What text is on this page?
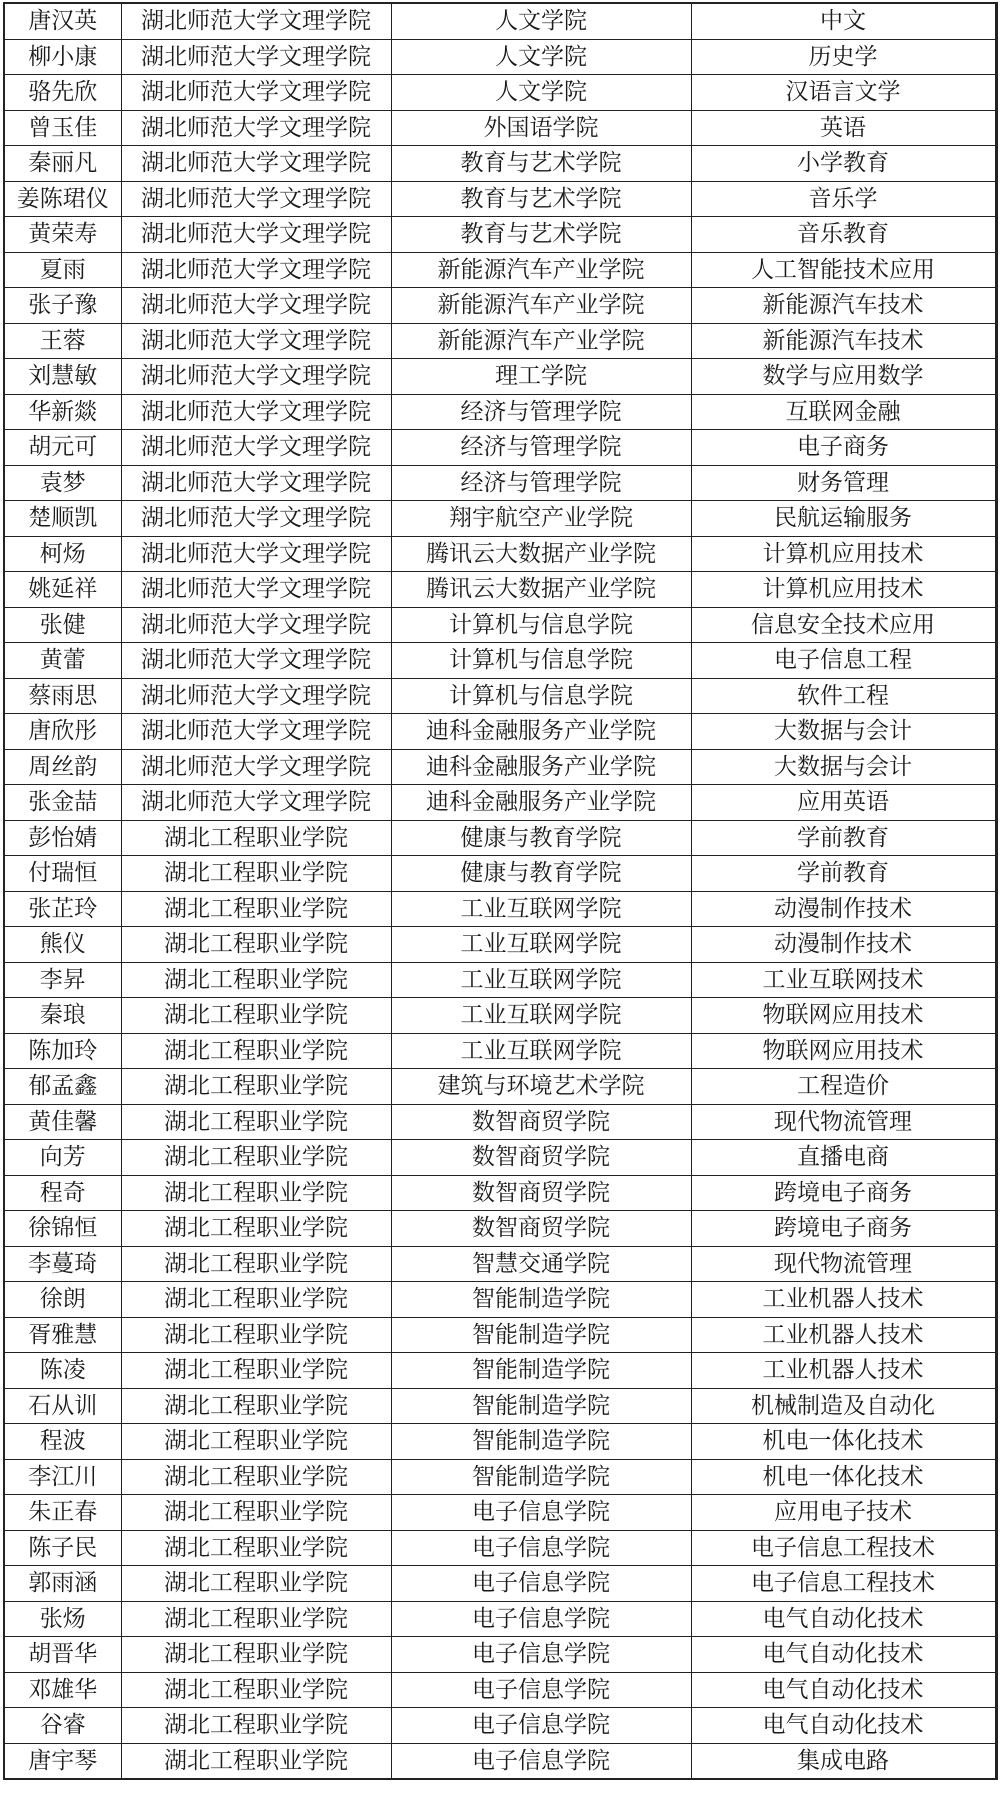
唐汉英	湖北师范大学文理学院	人文学院	中文
柳小康	湖北师范大学文理学院	人文学院	历史学
骆先欣	湖北师范大学文理学院	人文学院	汉语言文学
曾玉佳	湖北师范大学文理学院	外国语学院	英语
秦丽凡	湖北师范大学文理学院	教育与艺术学院	小学教育
姜陈珺仪	湖北师范大学文理学院	教育与艺术学院	音乐学
黄荣寿	湖北师范大学文理学院	教育与艺术学院	音乐教育
夏雨	湖北师范大学文理学院	新能源汽车产业学院	人工智能技术应用
张子豫	湖北师范大学文理学院	新能源汽车产业学院	新能源汽车技术
王蓉	湖北师范大学文理学院	新能源汽车产业学院	新能源汽车技术
刘慧敏	湖北师范大学文理学院	理工学院	数学与应用数学
华新燚	湖北师范大学文理学院	经济与管理学院	互联网金融
胡元可	湖北师范大学文理学院	经济与管理学院	电子商务
袁梦	湖北师范大学文理学院	经济与管理学院	财务管理
楚顺凯	湖北师范大学文理学院	翔宇航空产业学院	民航运输服务
柯炀	湖北师范大学文理学院	腾讯云大数据产业学院	计算机应用技术
姚延祥	湖北师范大学文理学院	腾讯云大数据产业学院	计算机应用技术
张健	湖北师范大学文理学院	计算机与信息学院	信息安全技术应用
黄蕾	湖北师范大学文理学院	计算机与信息学院	电子信息工程
蔡雨思	湖北师范大学文理学院	计算机与信息学院	软件工程
唐欣彤	湖北师范大学文理学院	迪科金融服务产业学院	大数据与会计
周丝韵	湖北师范大学文理学院	迪科金融服务产业学院	大数据与会计
张金喆	湖北师范大学文理学院	迪科金融服务产业学院	应用英语
彭怡婧	湖北工程职业学院	健康与教育学院	学前教育
付瑞恒	湖北工程职业学院	健康与教育学院	学前教育
张芷玲	湖北工程职业学院	工业互联网学院	动漫制作技术
熊仪	湖北工程职业学院	工业互联网学院	动漫制作技术
李昇	湖北工程职业学院	工业互联网学院	工业互联网技术
秦琅	湖北工程职业学院	工业互联网学院	物联网应用技术
陈加玲	湖北工程职业学院	工业互联网学院	物联网应用技术
郁孟鑫	湖北工程职业学院	建筑与环境艺术学院	工程造价
黄佳馨	湖北工程职业学院	数智商贸学院	现代物流管理
向芳	湖北工程职业学院	数智商贸学院	直播电商
程奇	湖北工程职业学院	数智商贸学院	跨境电子商务
徐锦恒	湖北工程职业学院	数智商贸学院	跨境电子商务
李蔓琦	湖北工程职业学院	智慧交通学院	现代物流管理
徐朗	湖北工程职业学院	智能制造学院	工业机器人技术
胥雅慧	湖北工程职业学院	智能制造学院	工业机器人技术
陈凌	湖北工程职业学院	智能制造学院	工业机器人技术
石从训	湖北工程职业学院	智能制造学院	机械制造及自动化
程波	湖北工程职业学院	智能制造学院	机电一体化技术
李江川	湖北工程职业学院	智能制造学院	机电一体化技术
朱正春	湖北工程职业学院	电子信息学院	应用电子技术
陈子民	湖北工程职业学院	电子信息学院	电子信息工程技术
郭雨涵	湖北工程职业学院	电子信息学院	电子信息工程技术
张炀	湖北工程职业学院	电子信息学院	电气自动化技术
胡晋华	湖北工程职业学院	电子信息学院	电气自动化技术
邓雄华	湖北工程职业学院	电子信息学院	电气自动化技术
谷睿	湖北工程职业学院	电子信息学院	电气自动化技术
唐宇琴	湖北工程职业学院	电子信息学院	集成电路
